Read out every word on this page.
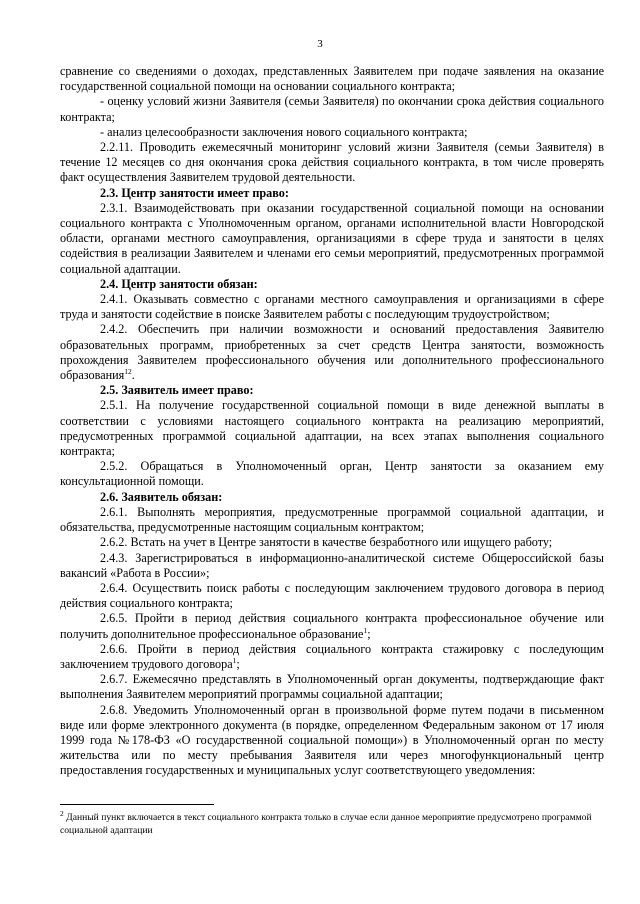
3

сравнение со сведениями о доходах, представленных Заявителем при подаче заявления на оказание государственной социальной помощи на основании социального контракта;

- оценку условий жизни Заявителя (семьи Заявителя) по окончании срока действия социального контракта;

- анализ целесообразности заключения нового социального контракта;

2.2.11. Проводить ежемесячный мониторинг условий жизни Заявителя (семьи Заявителя) в течение 12 месяцев со дня окончания срока действия социального контракта, в том числе проверять факт осуществления Заявителем трудовой деятельности.

2.3. Центр занятости имеет право:

2.3.1. Взаимодействовать при оказании государственной социальной помощи на основании социального контракта с Уполномоченным органом, органами исполнительной власти Новгородской области, органами местного самоуправления, организациями в сфере труда и занятости в целях содействия в реализации Заявителем и членами его семьи мероприятий, предусмотренных программой социальной адаптации.

2.4. Центр занятости обязан:

2.4.1. Оказывать совместно с органами местного самоуправления и организациями в сфере труда и занятости содействие в поиске Заявителем работы с последующим трудоустройством;

2.4.2. Обеспечить при наличии возможности и оснований предоставления Заявителю образовательных программ, приобретенных за счет средств Центра занятости, возможность прохождения Заявителем профессионального обучения или дополнительного профессионального образования$^{12}$.

2.5. Заявитель имеет право:

2.5.1. На получение государственной социальной помощи в виде денежной выплаты в соответствии с условиями настоящего социального контракта на реализацию мероприятий, предусмотренных программой социальной адаптации, на всех этапах выполнения социального контракта;

2.5.2. Обращаться в Уполномоченный орган, Центр занятости за оказанием ему консультационной помощи.

2.6. Заявитель обязан:

2.6.1. Выполнять мероприятия, предусмотренные программой социальной адаптации, и обязательства, предусмотренные настоящим социальным контрактом;

2.6.2. Встать на учет в Центре занятости в качестве безработного или ищущего работу;

2.4.3. Зарегистрироваться в информационно-аналитической системе Общероссийской базы вакансий «Работа в России»;

2.6.4. Осуществить поиск работы с последующим заключением трудового договора в период действия социального контракта;

2.6.5. Пройти в период действия социального контракта профессиональное обучение или получить дополнительное профессиональное образование$^1$;

2.6.6. Пройти в период действия социального контракта стажировку с последующим заключением трудового договора$^1$;

2.6.7. Ежемесячно представлять в Уполномоченный орган документы, подтверждающие факт выполнения Заявителем мероприятий программы социальной адаптации;

2.6.8. Уведомить Уполномоченный орган в произвольной форме путем подачи в письменном виде или форме электронного документа (в порядке, определенном Федеральным законом от 17 июля 1999 года №178-ФЗ «О государственной социальной помощи») в Уполномоченный орган по месту жительства или по месту пребывания Заявителя или через многофункциональный центр предоставления государственных и муниципальных услуг соответствующего уведомления:

$^2$ Данный пункт включается в текст социального контракта только в случае если данное мероприятие предусмотрено программой социальной адаптации
